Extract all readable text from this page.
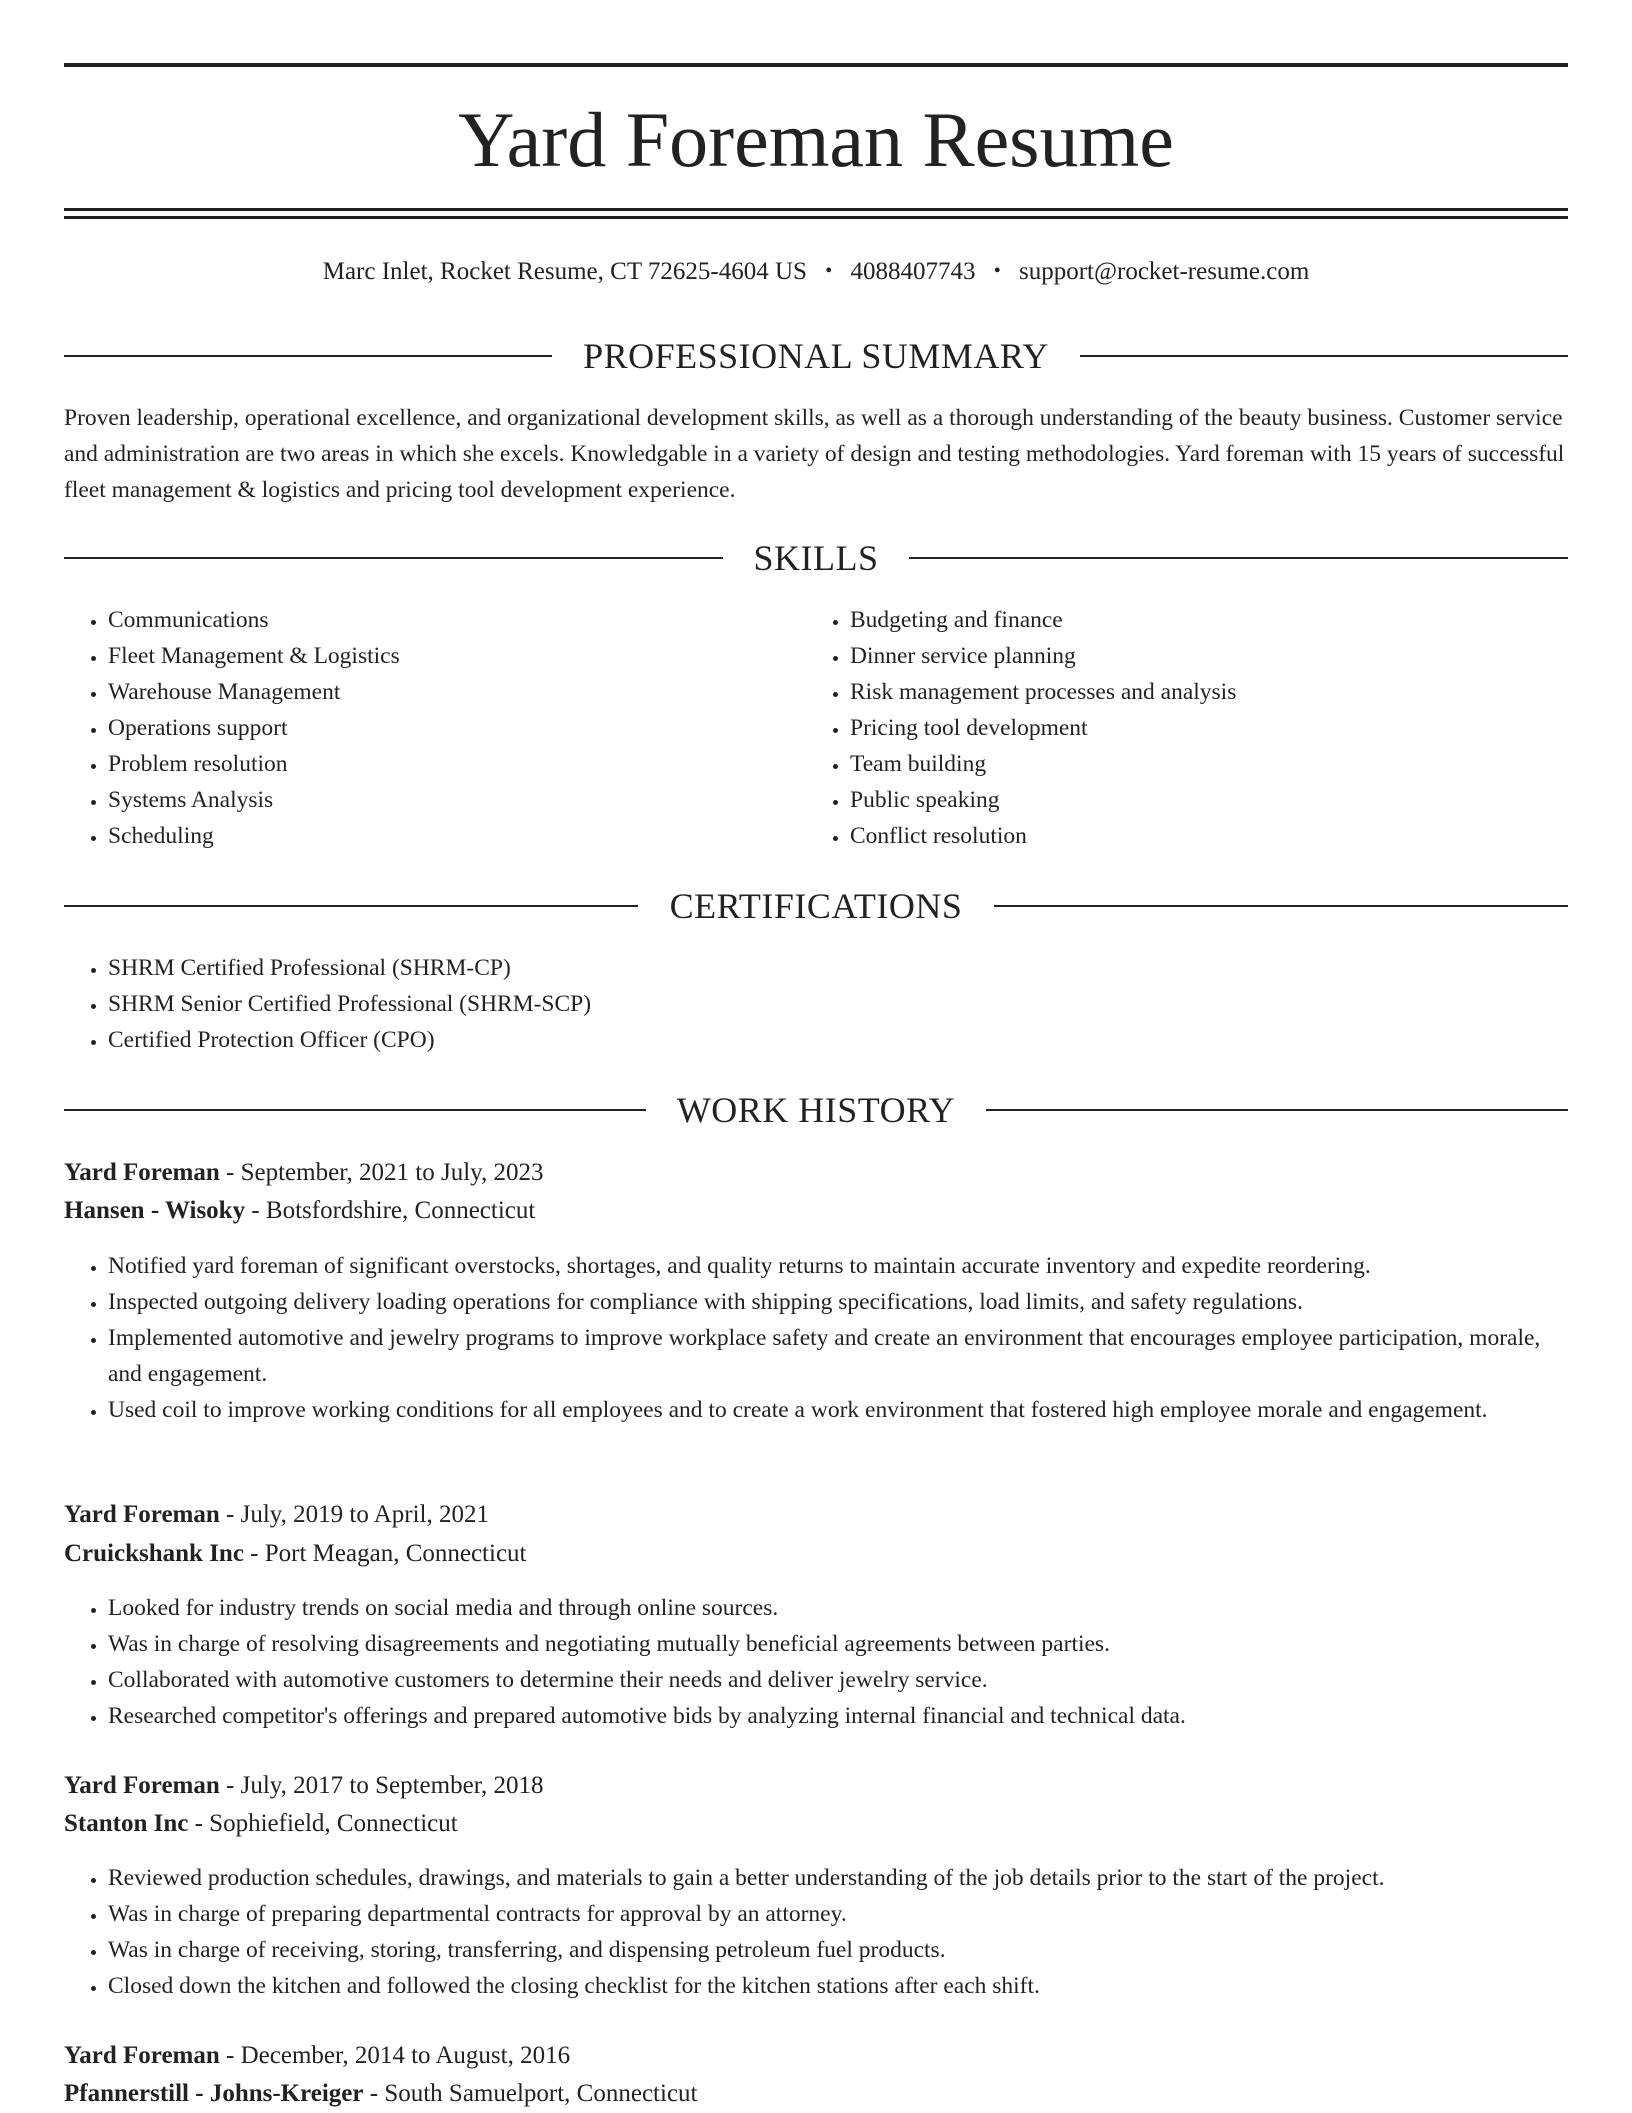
Yard Foreman Resume
Marc Inlet, Rocket Resume, CT 72625-4604 US • 4088407743 • support@rocket-resume.com
PROFESSIONAL SUMMARY
Proven leadership, operational excellence, and organizational development skills, as well as a thorough understanding of the beauty business. Customer service and administration are two areas in which she excels. Knowledgable in a variety of design and testing methodologies. Yard foreman with 15 years of successful fleet management & logistics and pricing tool development experience.
SKILLS
• Communications
• Fleet Management & Logistics
• Warehouse Management
• Operations support
• Problem resolution
• Systems Analysis
• Scheduling
• Budgeting and finance
• Dinner service planning
• Risk management processes and analysis
• Pricing tool development
• Team building
• Public speaking
• Conflict resolution
CERTIFICATIONS
• SHRM Certified Professional (SHRM-CP)
• SHRM Senior Certified Professional (SHRM-SCP)
• Certified Protection Officer (CPO)
WORK HISTORY
Yard Foreman - September, 2021 to July, 2023
Hansen - Wisoky - Botsfordshire, Connecticut
• Notified yard foreman of significant overstocks, shortages, and quality returns to maintain accurate inventory and expedite reordering.
• Inspected outgoing delivery loading operations for compliance with shipping specifications, load limits, and safety regulations.
• Implemented automotive and jewelry programs to improve workplace safety and create an environment that encourages employee participation, morale, and engagement.
• Used coil to improve working conditions for all employees and to create a work environment that fostered high employee morale and engagement.
Yard Foreman - July, 2019 to April, 2021
Cruickshank Inc - Port Meagan, Connecticut
• Looked for industry trends on social media and through online sources.
• Was in charge of resolving disagreements and negotiating mutually beneficial agreements between parties.
• Collaborated with automotive customers to determine their needs and deliver jewelry service.
• Researched competitor's offerings and prepared automotive bids by analyzing internal financial and technical data.
Yard Foreman - July, 2017 to September, 2018
Stanton Inc - Sophiefield, Connecticut
• Reviewed production schedules, drawings, and materials to gain a better understanding of the job details prior to the start of the project.
• Was in charge of preparing departmental contracts for approval by an attorney.
• Was in charge of receiving, storing, transferring, and dispensing petroleum fuel products.
• Closed down the kitchen and followed the closing checklist for the kitchen stations after each shift.
Yard Foreman - December, 2014 to August, 2016
Pfannerstill - Johns-Kreiger - South Samuelport, Connecticut
